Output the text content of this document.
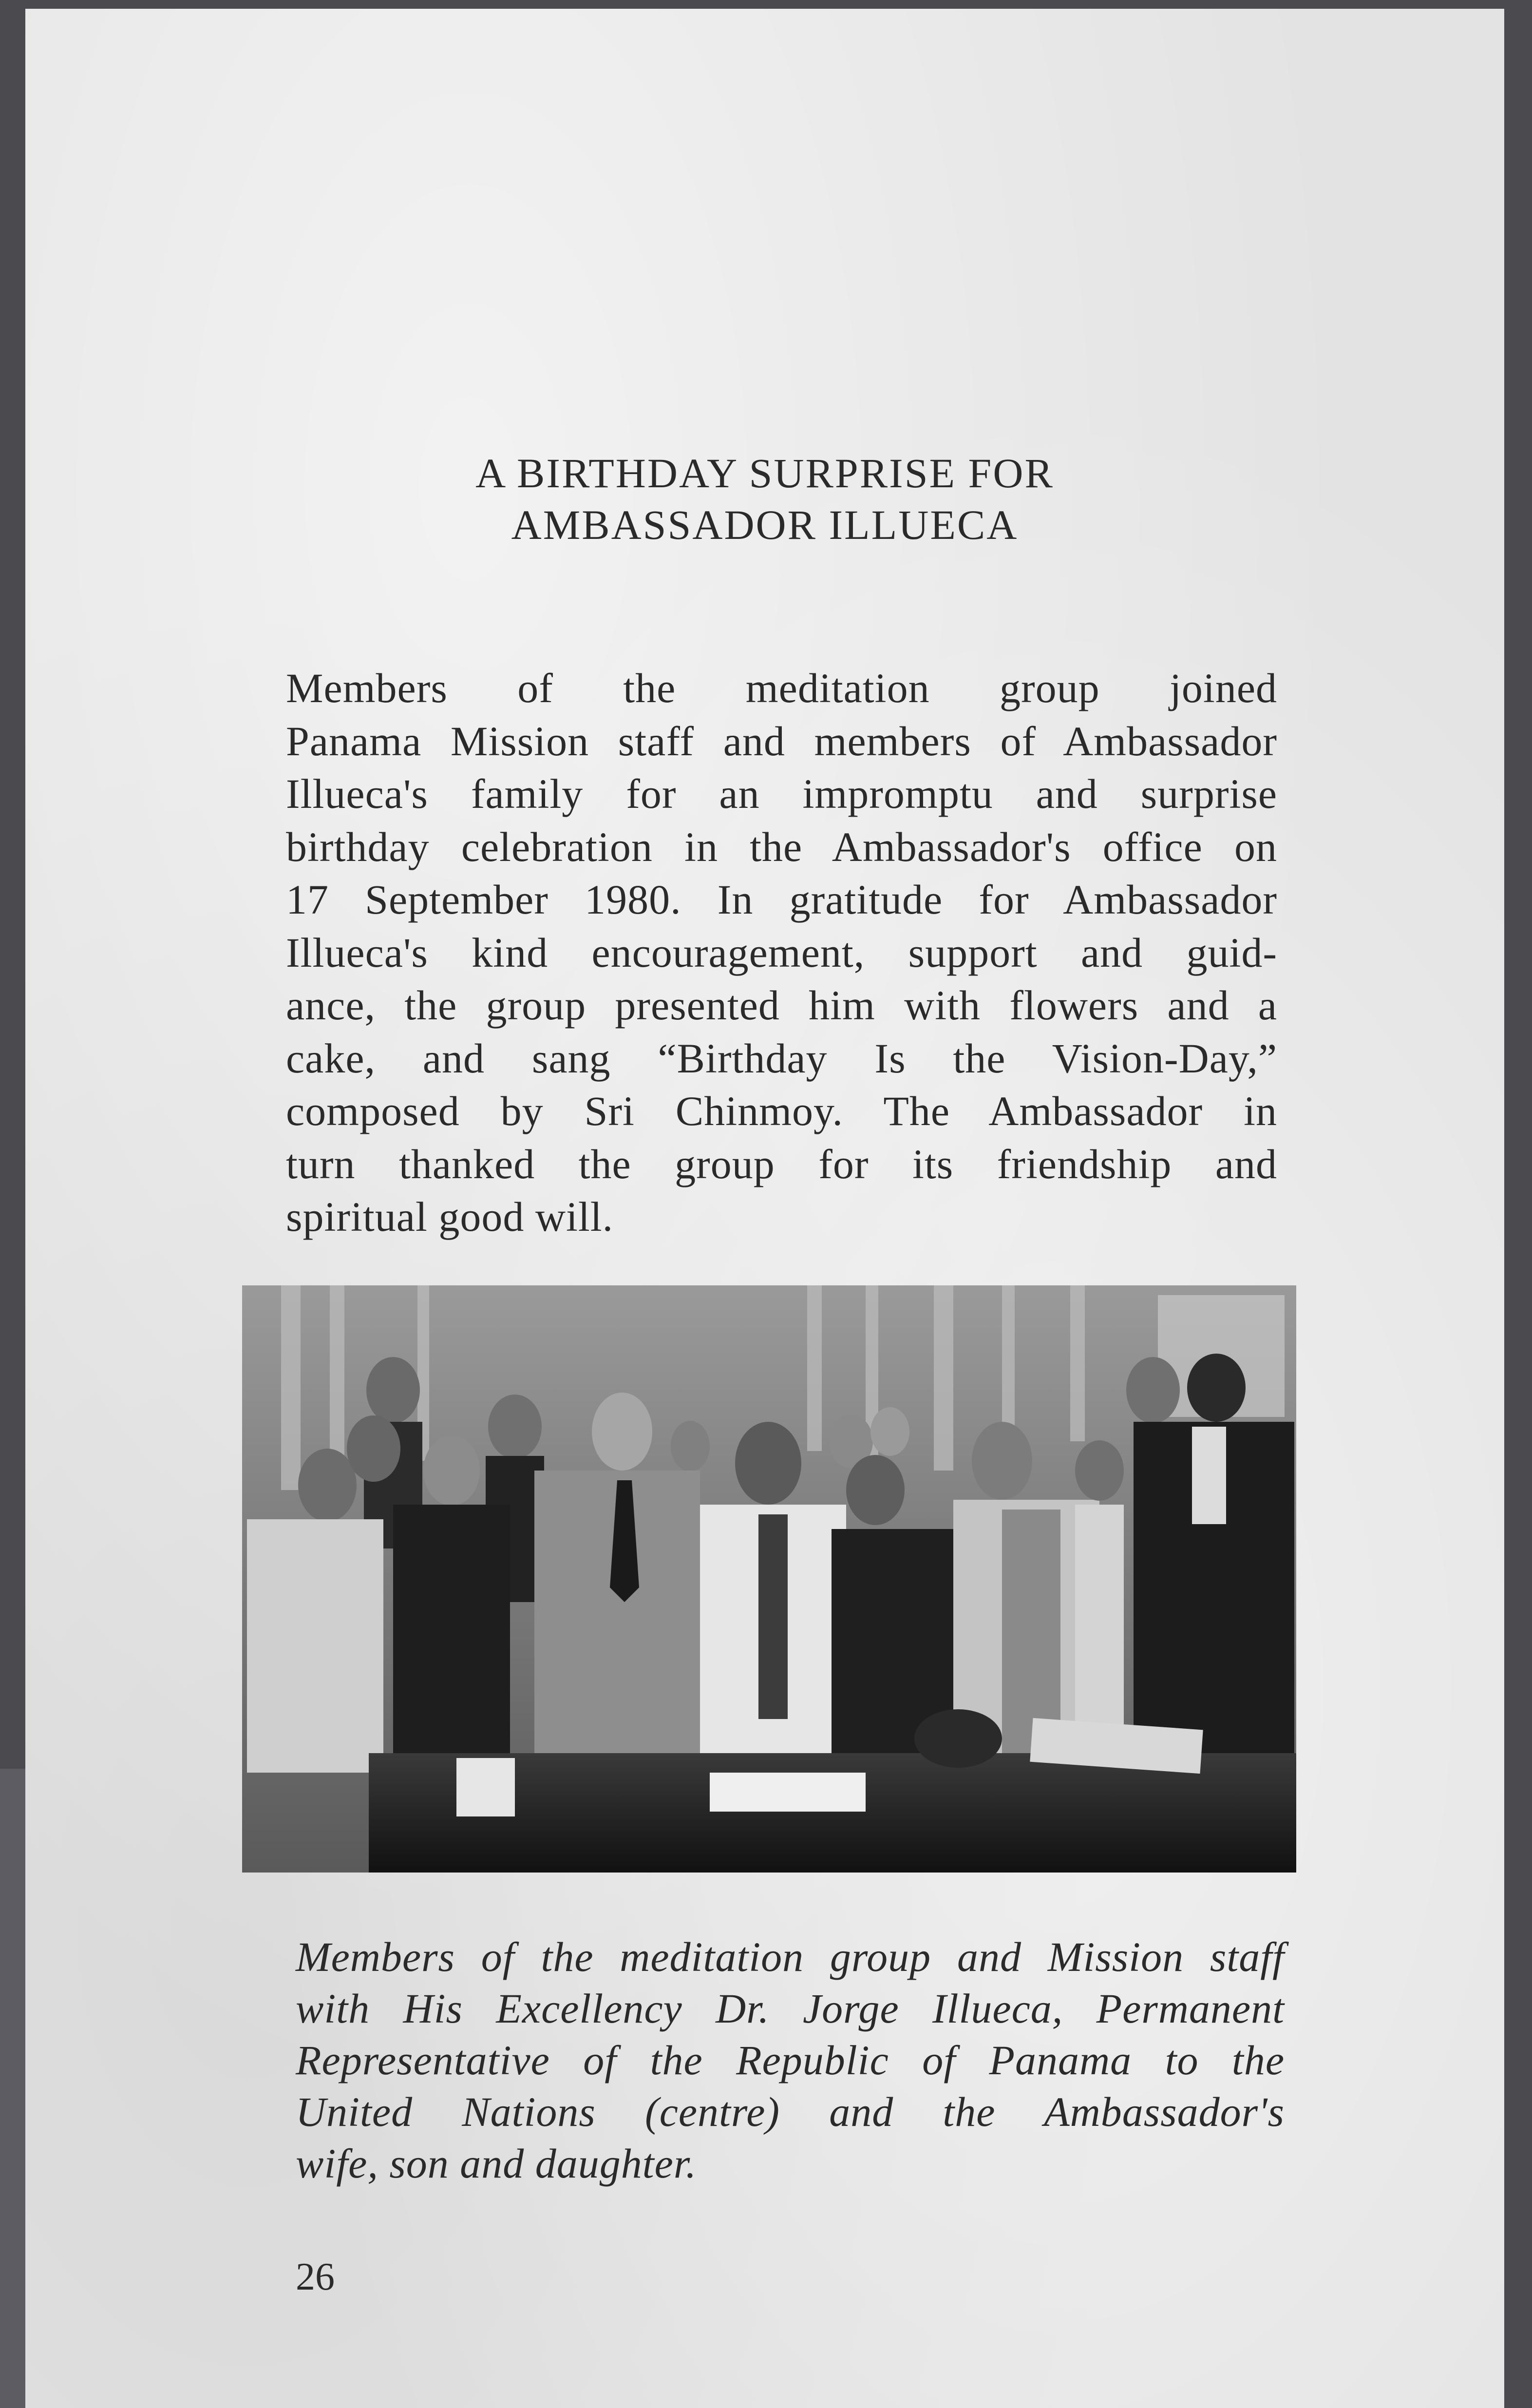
A BIRTHDAY SURPRISE FOR
AMBASSADOR ILLUECA
Members of the meditation group joined
Panama Mission staff and members of Ambassador
Illueca's family for an impromptu and surprise
birthday celebration in the Ambassador's office on
17 September 1980. In gratitude for Ambassador
Illueca's kind encouragement, support and guid-
ance, the group presented him with flowers and a
cake, and sang “Birthday Is the Vision-Day,”
composed by Sri Chinmoy. The Ambassador in
turn thanked the group for its friendship and
spiritual good will.
Members of the meditation group and Mission staff
with His Excellency Dr. Jorge Illueca, Permanent
Representative of the Republic of Panama to the
United Nations (centre) and the Ambassador's
wife, son and daughter.
26
